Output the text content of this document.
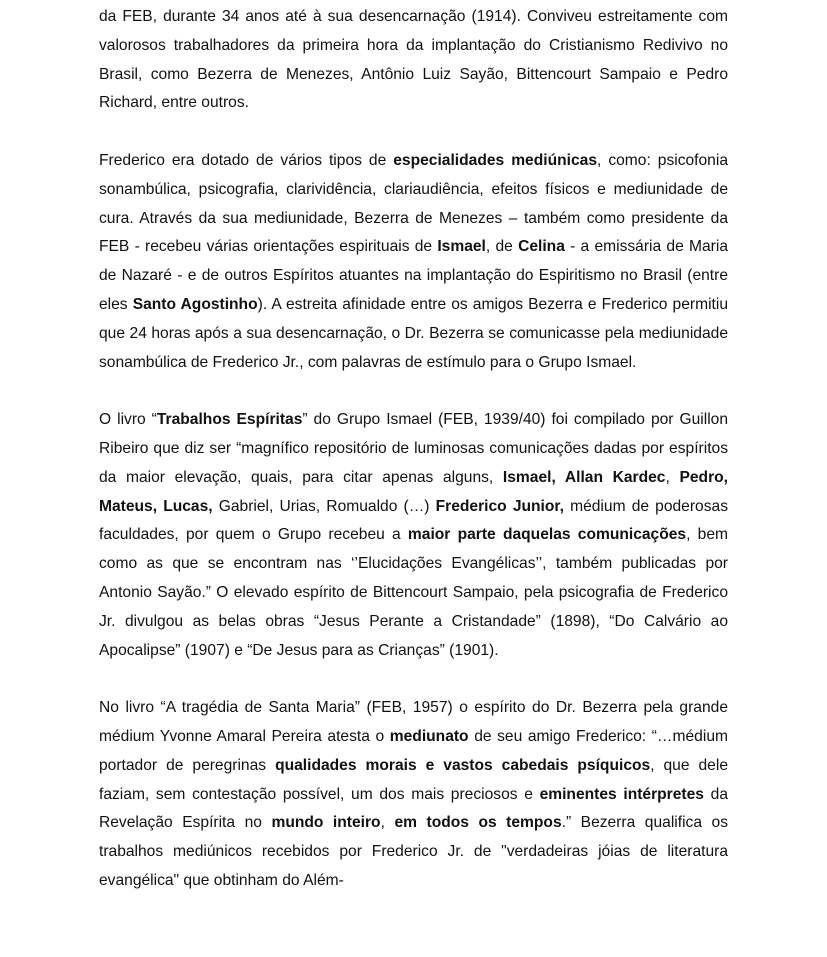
da FEB, durante 34 anos até à sua desencarnação (1914). Conviveu estreitamente com valorosos trabalhadores da primeira hora da implantação do Cristianismo Redivivo no Brasil, como Bezerra de Menezes, Antônio Luiz Sayão, Bittencourt Sampaio e Pedro Richard, entre outros.

Frederico era dotado de vários tipos de especialidades mediúnicas, como: psicofonia sonambúlica, psicografia, clarividência, clariaudiência, efeitos físicos e mediunidade de cura. Através da sua mediunidade, Bezerra de Menezes – também como presidente da FEB - recebeu várias orientações espirituais de Ismael, de Celina - a emissária de Maria de Nazaré - e de outros Espíritos atuantes na implantação do Espiritismo no Brasil (entre eles Santo Agostinho). A estreita afinidade entre os amigos Bezerra e Frederico permitiu que 24 horas após a sua desencarnação, o Dr. Bezerra se comunicasse pela mediunidade sonambúlica de Frederico Jr., com palavras de estímulo para o Grupo Ismael.

O livro “Trabalhos Espíritas” do Grupo Ismael (FEB, 1939/40) foi compilado por Guillon Ribeiro que diz ser “magnífico repositório de luminosas comunicações dadas por espíritos da maior elevação, quais, para citar apenas alguns, Ismael, Allan Kardec, Pedro, Mateus, Lucas, Gabriel, Urias, Romualdo (…) Frederico Junior, médium de poderosas faculdades, por quem o Grupo recebeu a maior parte daquelas comunicações, bem como as que se encontram nas ‘’Elucidações Evangélicas’’, também publicadas por Antonio Sayão.” O elevado espírito de Bittencourt Sampaio, pela psicografia de Frederico Jr. divulgou as belas obras “Jesus Perante a Cristandade” (1898), “Do Calvário ao Apocalipse” (1907) e “De Jesus para as Crianças” (1901).

No livro “A tragédia de Santa Maria” (FEB, 1957) o espírito do Dr. Bezerra pela grande médium Yvonne Amaral Pereira atesta o mediunato de seu amigo Frederico: “…médium portador de peregrinas qualidades morais e vastos cabedais psíquicos, que dele faziam, sem contestação possível, um dos mais preciosos e eminentes intérpretes da Revelação Espírita no mundo inteiro, em todos os tempos.” Bezerra qualifica os trabalhos mediúnicos recebidos por Frederico Jr. de "verdadeiras jóias de literatura evangélica" que obtinham do Além-
